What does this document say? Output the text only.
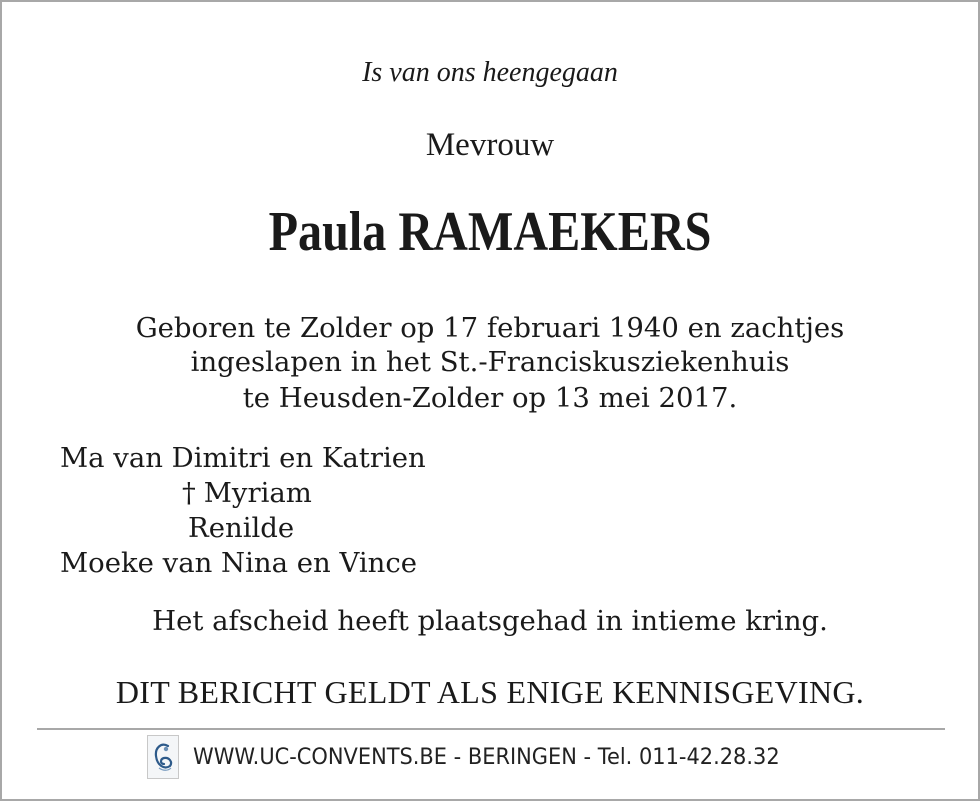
Is van ons heengegaan
Mevrouw
Paula RAMAEKERS
Geboren te Zolder op 17 februari 1940 en zachtjes
ingeslapen in het St.-Franciskusziekenhuis
te Heusden-Zolder op 13 mei 2017.
Ma van Dimitri en Katrien
† Myriam
Renilde
Moeke van Nina en Vince
Het afscheid heeft plaatsgehad in intieme kring.
DIT BERICHT GELDT ALS ENIGE KENNISGEVING.
WWW.UC-CONVENTS.BE - BERINGEN - Tel. 011-42.28.32
